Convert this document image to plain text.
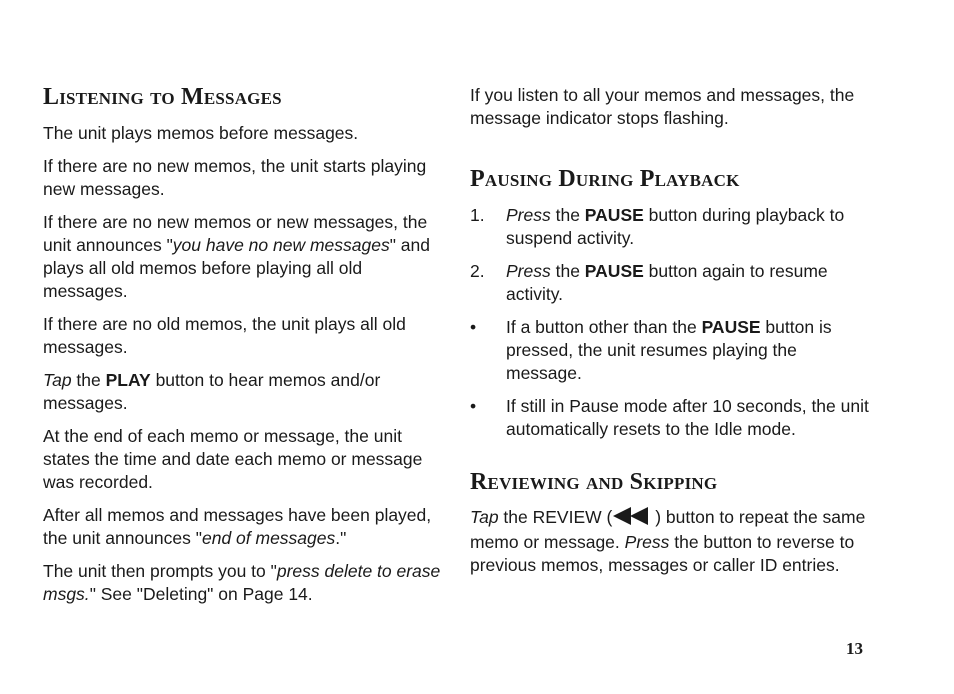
Listening to Messages

The unit plays memos before messages.

If there are no new memos, the unit starts playing new messages.

If there are no new memos or new messages, the unit announces "you have no new messages" and plays all old memos before playing all old messages.

If there are no old memos, the unit plays all old messages.

Tap the PLAY button to hear memos and/or messages.

At the end of each memo or message, the unit states the time and date each memo or message was recorded.

After all memos and messages have been played, the unit announces "end of messages."

The unit then prompts you to "press delete to erase msgs." See "Deleting" on Page 14.

If you listen to all your memos and messages, the message indicator stops flashing.

Pausing During Playback
1. Press the PAUSE button during playback to suspend activity.
2. Press the PAUSE button again to resume activity.
• If a button other than the PAUSE button is pressed, the unit resumes playing the message.
• If still in Pause mode after 10 seconds, the unit automatically resets to the Idle mode.
Reviewing and Skipping

Tap the REVIEW ( ) button to repeat the same memo or message. Press the button to reverse to previous memos, messages or caller ID entries.

13
